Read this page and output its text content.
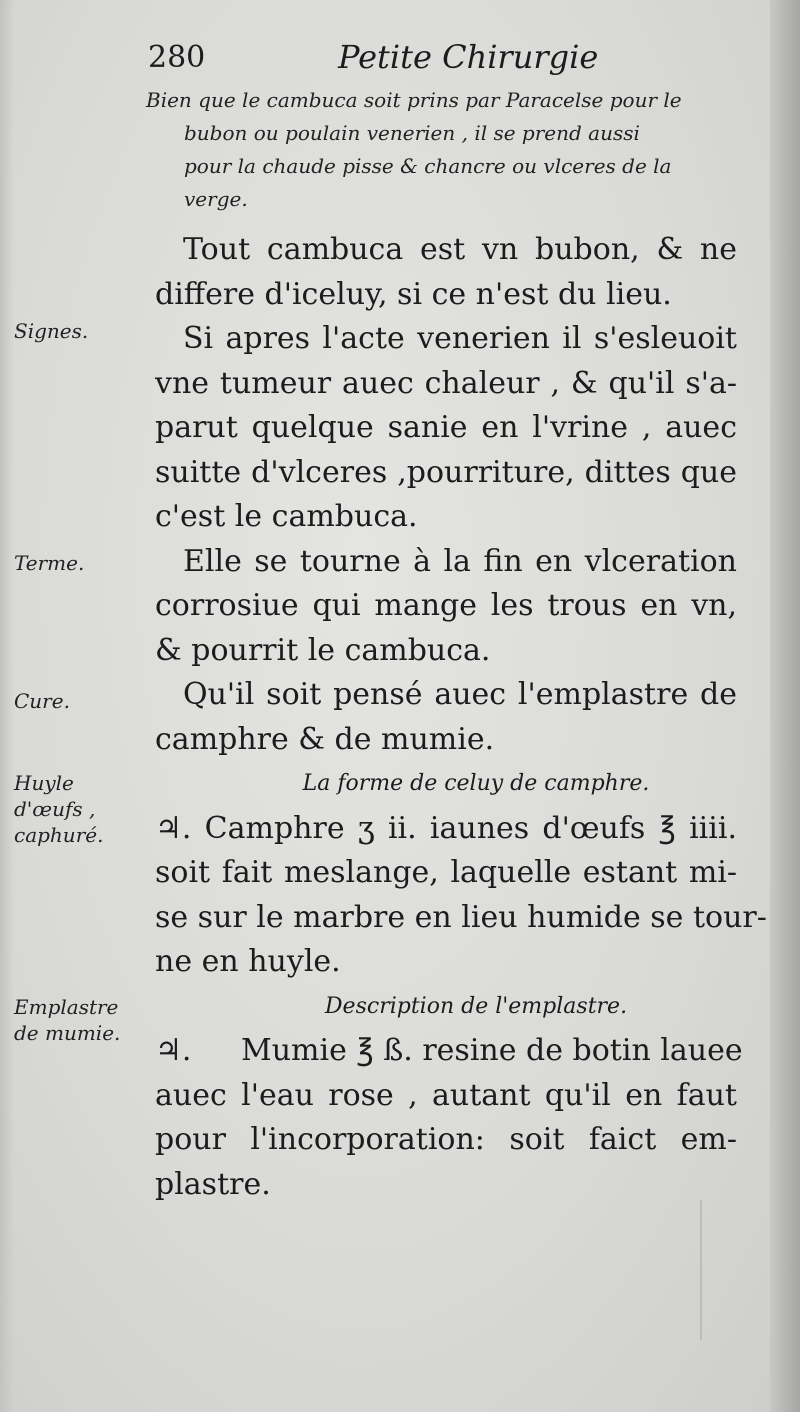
280	Petite Chirurgie
Bien que le cambuca soit prins par Paracelse pour le
bubon ou poulain venerien , il se prend aussi
pour la chaude pisse & chancre ou vlceres de la
verge.
Signes.
Terme.
Cure.
Huyle
d'œufs ,
caphuré.
Emplastre
de mumie.
Tout cambuca est vn bubon, & ne
differe d'iceluy, si ce n'est du lieu.
Si apres l'acte venerien il s'esleuoit
vne tumeur auec chaleur , & qu'il s'a-
parut quelque sanie en l'vrine , auec
suitte d'vlceres ,pourriture, dittes que
c'est le cambuca.
Elle se tourne à la fin en vlceration
corrosiue qui mange les trous en vn,
& pourrit le cambuca.
Qu'il soit pensé auec l'emplastre de
camphre & de mumie.
La forme de celuy de camphre.
♃. Camphre ʒ ii. iaunes d'œufs ℥ iiii.
soit fait meslange, laquelle estant mi-
se sur le marbre en lieu humide se tour-
ne en huyle.
Description de l'emplastre.
♃. Mumie ℥ ß. resine de botin lauee
auec l'eau rose , autant qu'il en faut
pour l'incorporation: soit faict em-
plastre.
